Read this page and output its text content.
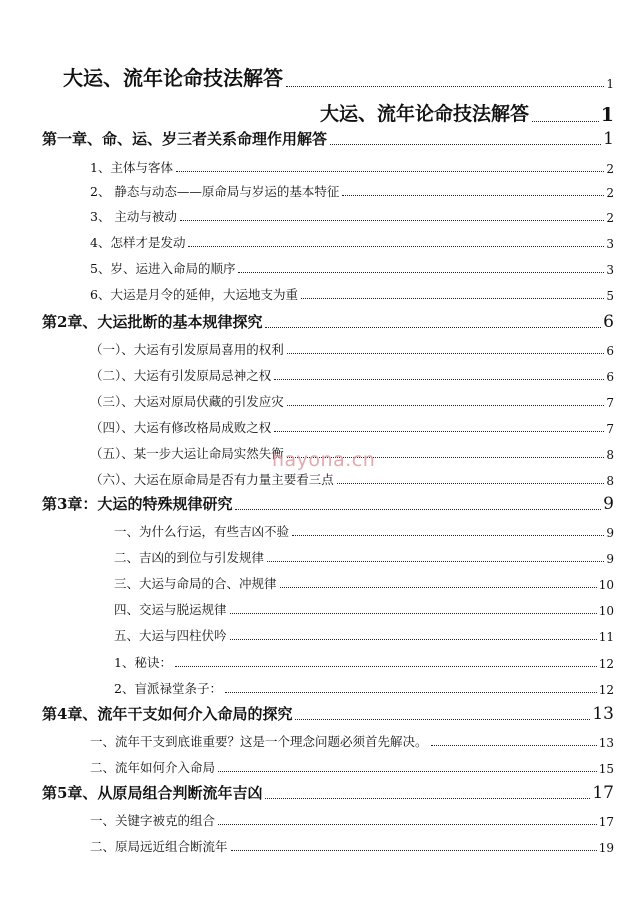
大运、流年论命技法解答	1
大运、流年论命技法解答	1
第一章、命、运、岁三者关系命理作用解答	1
1、主体与客体	2
2、 静态与动态——原命局与岁运的基本特征	2
3、 主动与被动	2
4、怎样才是发动	3
5、岁、运进入命局的顺序	3
6、大运是月令的延伸，大运地支为重	5
第2章、大运批断的基本规律探究	6
（一）、大运有引发原局喜用的权利	6
（二）、大运有引发原局忌神之权	6
（三）、大运对原局伏藏的引发应灾	7
（四）、大运有修改格局成败之权	7
（五）、某一步大运让命局实然失衡	8
（六）、大运在原命局是否有力量主要看三点	8
第3章：大运的特殊规律研究	9
一、为什么行运，有些吉凶不验	9
二、吉凶的到位与引发规律	9
三、大运与命局的合、冲规律	10
四、交运与脱运规律	10
五、大运与四柱伏吟	11
1、秘诀：	12
2、盲派禄堂条子：	12
第4章、流年干支如何介入命局的探究	13
一、流年干支到底谁重要？这是一个理念问题必须首先解决。	13
二、流年如何介入命局	15
第5章、从原局组合判断流年吉凶	17
一、关键字被克的组合	17
二、原局远近组合断流年	19
hayona.cn
